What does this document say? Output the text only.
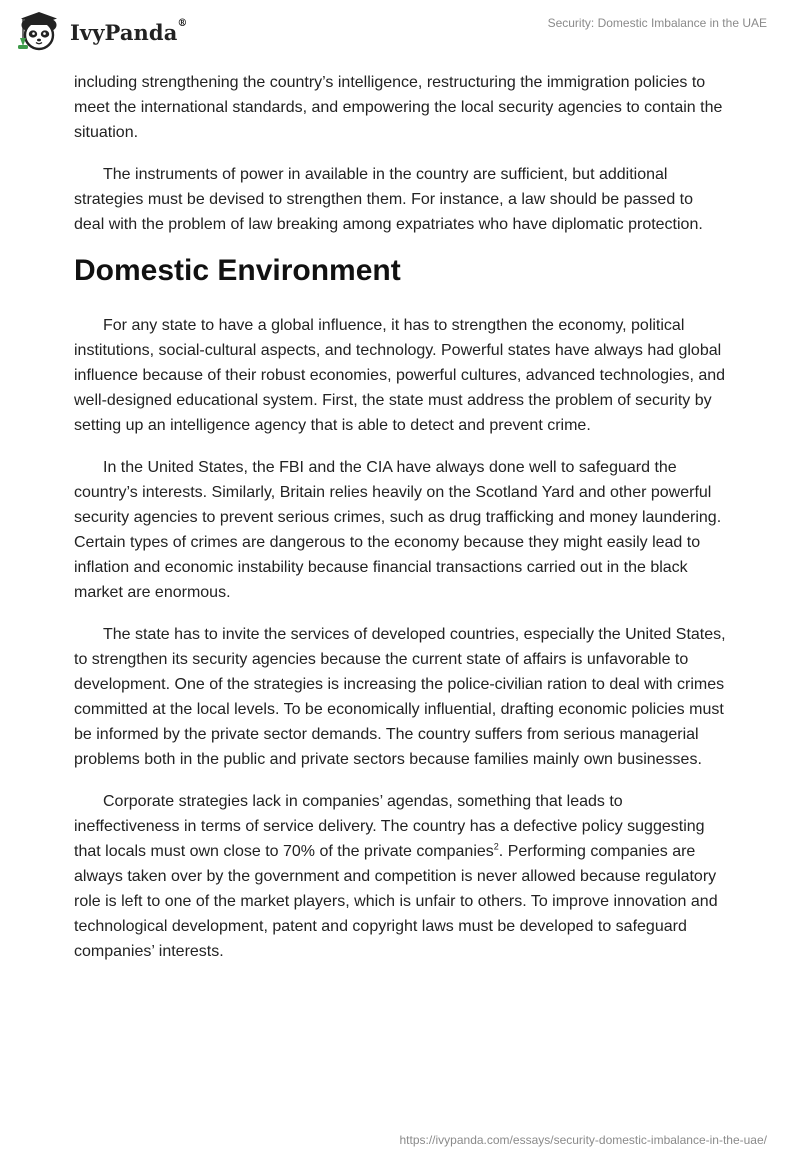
IvyPanda®	Security: Domestic Imbalance in the UAE

including strengthening the country’s intelligence, restructuring the immigration policies to meet the international standards, and empowering the local security agencies to contain the situation.

The instruments of power in available in the country are sufficient, but additional strategies must be devised to strengthen them. For instance, a law should be passed to deal with the problem of law breaking among expatriates who have diplomatic protection.

Domestic Environment

For any state to have a global influence, it has to strengthen the economy, political institutions, social-cultural aspects, and technology. Powerful states have always had global influence because of their robust economies, powerful cultures, advanced technologies, and well-designed educational system. First, the state must address the problem of security by setting up an intelligence agency that is able to detect and prevent crime.

In the United States, the FBI and the CIA have always done well to safeguard the country’s interests. Similarly, Britain relies heavily on the Scotland Yard and other powerful security agencies to prevent serious crimes, such as drug trafficking and money laundering. Certain types of crimes are dangerous to the economy because they might easily lead to inflation and economic instability because financial transactions carried out in the black market are enormous.

The state has to invite the services of developed countries, especially the United States, to strengthen its security agencies because the current state of affairs is unfavorable to development. One of the strategies is increasing the police-civilian ration to deal with crimes committed at the local levels. To be economically influential, drafting economic policies must be informed by the private sector demands. The country suffers from serious managerial problems both in the public and private sectors because families mainly own businesses.

Corporate strategies lack in companies’ agendas, something that leads to ineffectiveness in terms of service delivery. The country has a defective policy suggesting that locals must own close to 70% of the private companies$^2$. Performing companies are always taken over by the government and competition is never allowed because regulatory role is left to one of the market players, which is unfair to others. To improve innovation and technological development, patent and copyright laws must be developed to safeguard companies’ interests.

https://ivypanda.com/essays/security-domestic-imbalance-in-the-uae/
